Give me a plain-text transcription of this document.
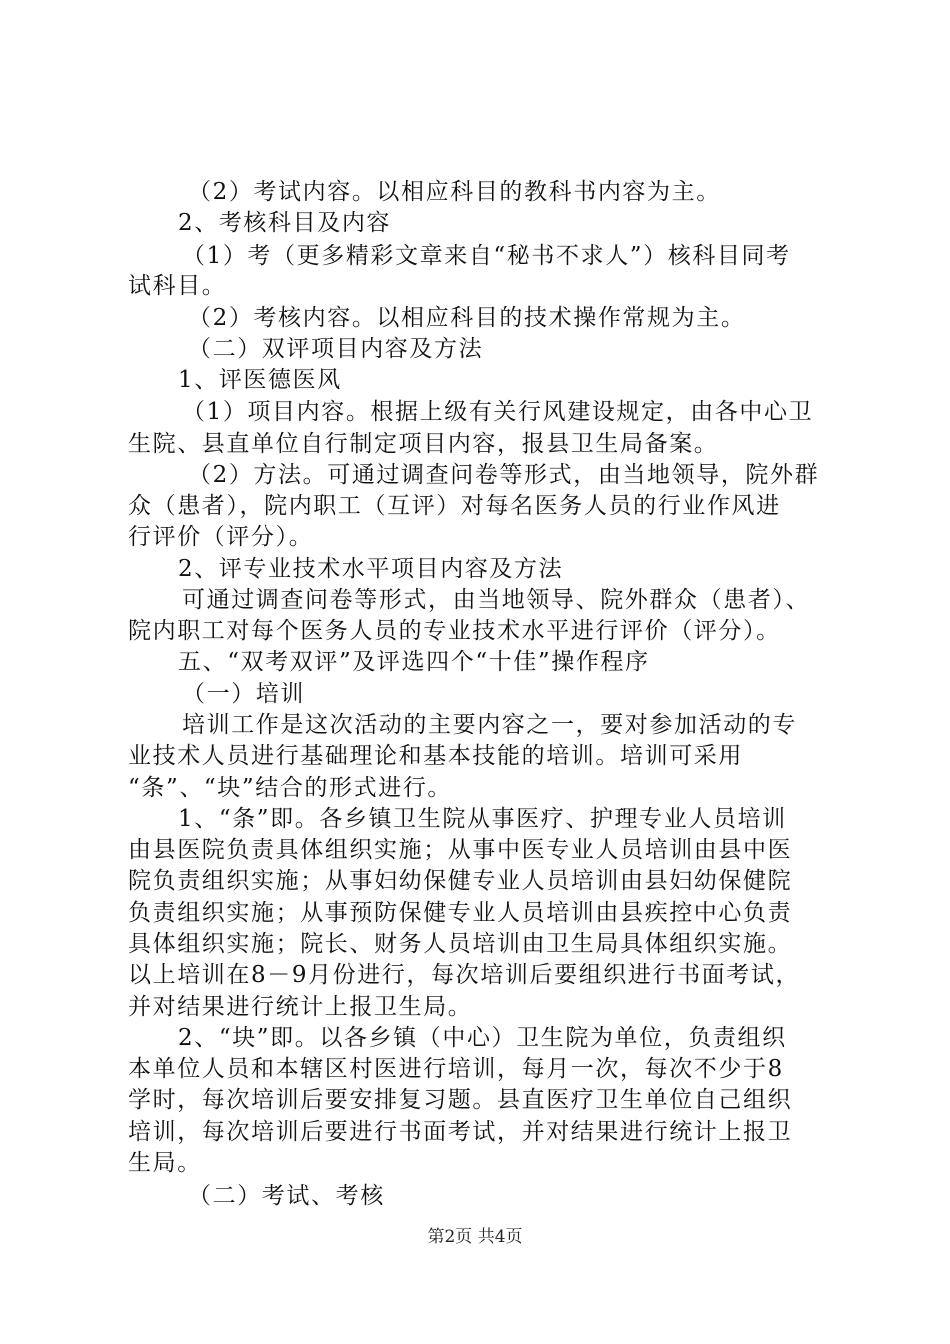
（2）考试内容。以相应科目的教科书内容为主。
2、考核科目及内容
（1）考（更多精彩文章来自“秘书不求人”）核科目同考
试科目。
（2）考核内容。以相应科目的技术操作常规为主。
（二）双评项目内容及方法
1、评医德医风
（1）项目内容。根据上级有关行风建设规定，由各中心卫
生院、县直单位自行制定项目内容，报县卫生局备案。
（2）方法。可通过调查问卷等形式，由当地领导，院外群
众（患者），院内职工（互评）对每名医务人员的行业作风进
行评价（评分）。
2、评专业技术水平项目内容及方法
可通过调查问卷等形式，由当地领导、院外群众（患者）、
院内职工对每个医务人员的专业技术水平进行评价（评分）。
五、“双考双评”及评选四个“十佳”操作程序
（一）培训
培训工作是这次活动的主要内容之一，要对参加活动的专
业技术人员进行基础理论和基本技能的培训。培训可采用
“条”、“块”结合的形式进行。
1、“条”即。各乡镇卫生院从事医疗、护理专业人员培训
由县医院负责具体组织实施；从事中医专业人员培训由县中医
院负责组织实施；从事妇幼保健专业人员培训由县妇幼保健院
负责组织实施；从事预防保健专业人员培训由县疾控中心负责
具体组织实施；院长、财务人员培训由卫生局具体组织实施。
以上培训在8－9月份进行，每次培训后要组织进行书面考试，
并对结果进行统计上报卫生局。
2、“块”即。以各乡镇（中心）卫生院为单位，负责组织
本单位人员和本辖区村医进行培训，每月一次，每次不少于8
学时，每次培训后要安排复习题。县直医疗卫生单位自己组织
培训，每次培训后要进行书面考试，并对结果进行统计上报卫
生局。
（二）考试、考核
第2页 共4页
